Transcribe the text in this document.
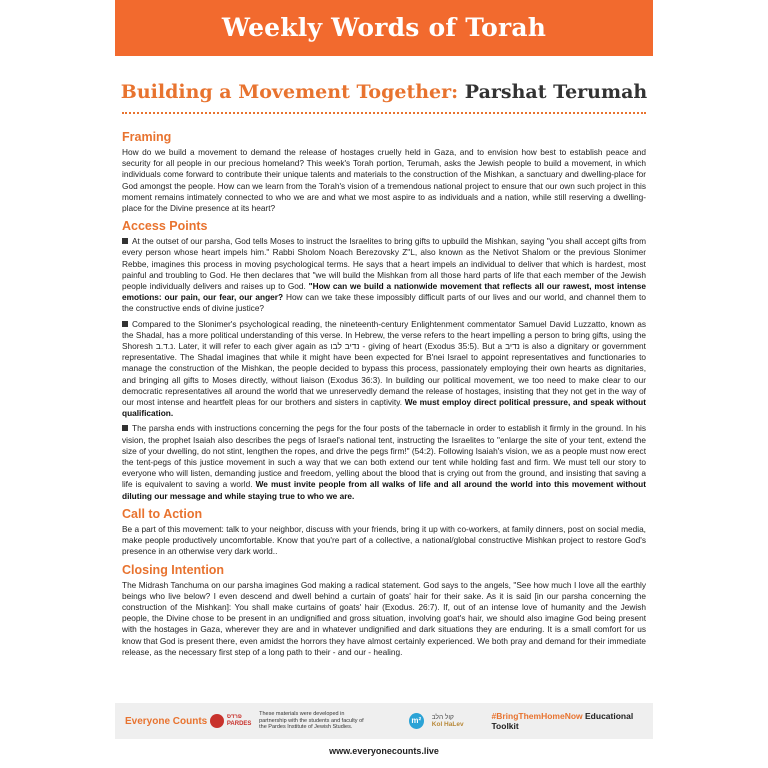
Weekly Words of Torah
Building a Movement Together: Parshat Terumah
Framing

How do we build a movement to demand the release of hostages cruelly held in Gaza, and to envision how best to establish peace and security for all people in our precious homeland? This week's Torah portion, Terumah, asks the Jewish people to build a movement, in which individuals come forward to contribute their unique talents and materials to the construction of the Mishkan, a sanctuary and dwelling-place for God amongst the people. How can we learn from the Torah's vision of a tremendous national project to ensure that our own such project in this moment remains intimately connected to who we are and what we most aspire to as individuals and a nation, while still reserving a dwelling-place for the Divine presence at its heart?

Access Points

At the outset of our parsha, God tells Moses to instruct the Israelites to bring gifts to upbuild the Mishkan, saying "you shall accept gifts from every person whose heart impels him." Rabbi Sholom Noach Berezovsky Z"L, also known as the Netivot Shalom or the previous Slonimer Rebbe, imagines this process in moving psychological terms. He says that a heart impels an individual to deliver that which is hardest, most painful and troubling to God. He then declares that "we will build the Mishkan from all those hard parts of life that each member of the Jewish people individually delivers and raises up to God. "How can we build a nationwide movement that reflects all our rawest, most intense emotions: our pain, our fear, our anger? How can we take these impossibly difficult parts of our lives and our world, and channel them to the constructive ends of divine justice?

Compared to the Slonimer's psychological reading, the nineteenth-century Enlightenment commentator Samuel David Luzzatto, known as the Shadal, has a more political understanding of this verse. In Hebrew, the verse refers to the heart impelling a person to bring gifts, using the Shoresh נ.ד.ב. Later, it will refer to each giver again as נדיב לבו - giving of heart (Exodus 35:5). But a נדיב is also a dignitary or government representative. The Shadal imagines that while it might have been expected for B'nei Israel to appoint representatives and functionaries to manage the construction of the Mishkan, the people decided to bypass this process, passionately employing their own hearts as dignitaries, and bringing all gifts to Moses directly, without liaison (Exodus 36:3). In building our political movement, we too need to make clear to our democratic representatives all around the world that we unreservedly demand the release of hostages, insisting that they not get in the way of our most intense and heartfelt pleas for our brothers and sisters in captivity. We must employ direct political pressure, and speak without qualification.

The parsha ends with instructions concerning the pegs for the four posts of the tabernacle in order to establish it firmly in the ground. In his vision, the prophet Isaiah also describes the pegs of Israel's national tent, instructing the Israelites to "enlarge the site of your tent, extend the size of your dwelling, do not stint, lengthen the ropes, and drive the pegs firm!" (54:2). Following Isaiah's vision, we as a people must now erect the tent-pegs of this justice movement in such a way that we can both extend our tent while holding fast and firm. We must tell our story to everyone who will listen, demanding justice and freedom, yelling about the blood that is crying out from the ground, and insisting that saving a life is equivalent to saving a world. We must invite people from all walks of life and all around the world into this movement without diluting our message and while staying true to who we are.

Call to Action

Be a part of this movement: talk to your neighbor, discuss with your friends, bring it up with co-workers, at family dinners, post on social media, make people productively uncomfortable. Know that you're part of a collective, a national/global constructive Mishkan project to restore God's presence in an otherwise very dark world..

Closing Intention

The Midrash Tanchuma on our parsha imagines God making a radical statement. God says to the angels, "See how much I love all the earthly beings who live below? I even descend and dwell behind a curtain of goats' hair for their sake. As it is said [in our parsha concerning the construction of the Mishkan]: You shall make curtains of goats' hair (Exodus. 26:7). If, out of an intense love of humanity and the Jewish people, the Divine chose to be present in an undignified and gross situation, involving goat's hair, we should also imagine God being present with the hostages in Gaza, wherever they are and in whatever undignified and dark situations they are enduring. It is a small comfort for us know that God is present there, even amidst the horrors they have almost certainly experienced. We both pray and demand for their immediate release, as the necessary first step of a long path to their - and our - healing.

Everyone Counts	פרדס
PARDES
These materials were developed in partnership with the students and faculty of the Pardes Institute of Jewish Studies.
m²	קול הלב
Kol HaLev
#BringThemHomeNow Educational Toolkit
www.everyonecounts.live
